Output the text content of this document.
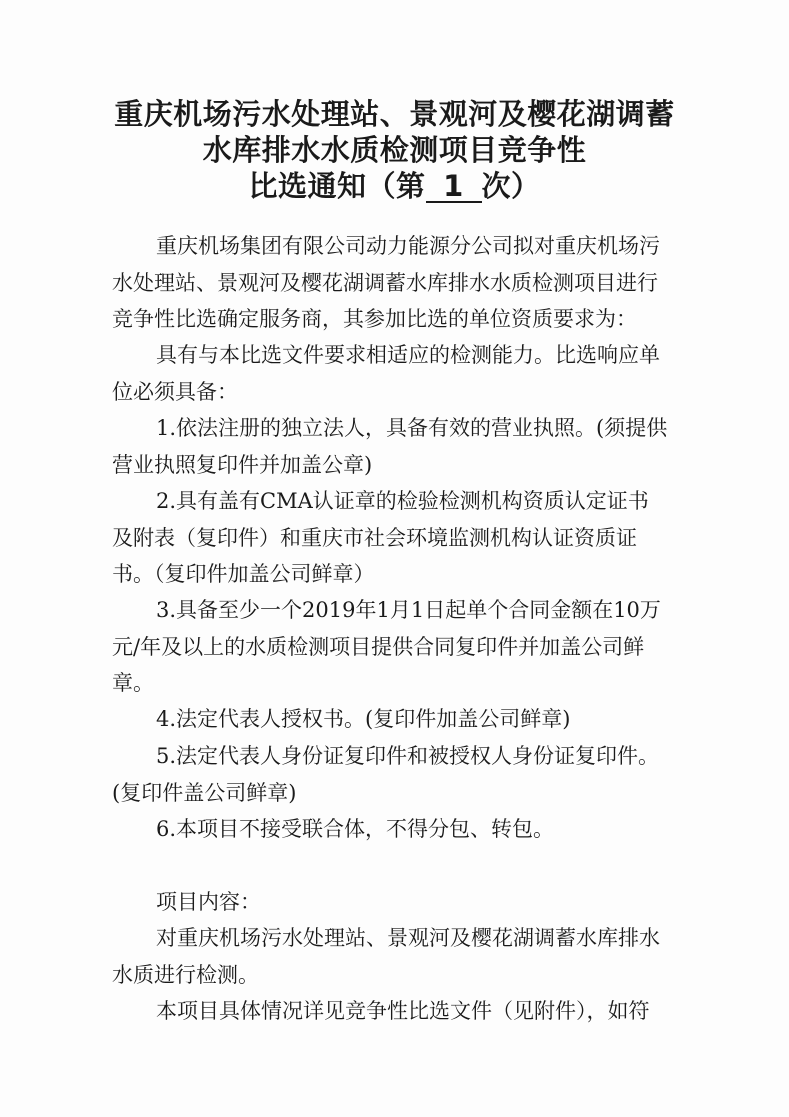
重庆机场污水处理站、景观河及樱花湖调蓄
水库排水水质检测项目竞争性
比选通知（第 1 次）

重庆机场集团有限公司动力能源分公司拟对重庆机场污水处理站、景观河及樱花湖调蓄水库排水水质检测项目进行竞争性比选确定服务商，其参加比选的单位资质要求为：

具有与本比选文件要求相适应的检测能力。比选响应单位必须具备：

1.依法注册的独立法人，具备有效的营业执照。(须提供营业执照复印件并加盖公章)

2.具有盖有CMA认证章的检验检测机构资质认定证书及附表（复印件）和重庆市社会环境监测机构认证资质证书。（复印件加盖公司鲜章）

3.具备至少一个2019年1月1日起单个合同金额在10万元/年及以上的水质检测项目提供合同复印件并加盖公司鲜章。

4.法定代表人授权书。(复印件加盖公司鲜章)

5.法定代表人身份证复印件和被授权人身份证复印件。(复印件盖公司鲜章)

6.本项目不接受联合体，不得分包、转包。

项目内容：

对重庆机场污水处理站、景观河及樱花湖调蓄水库排水水质进行检测。

本项目具体情况详见竞争性比选文件（见附件），如符
